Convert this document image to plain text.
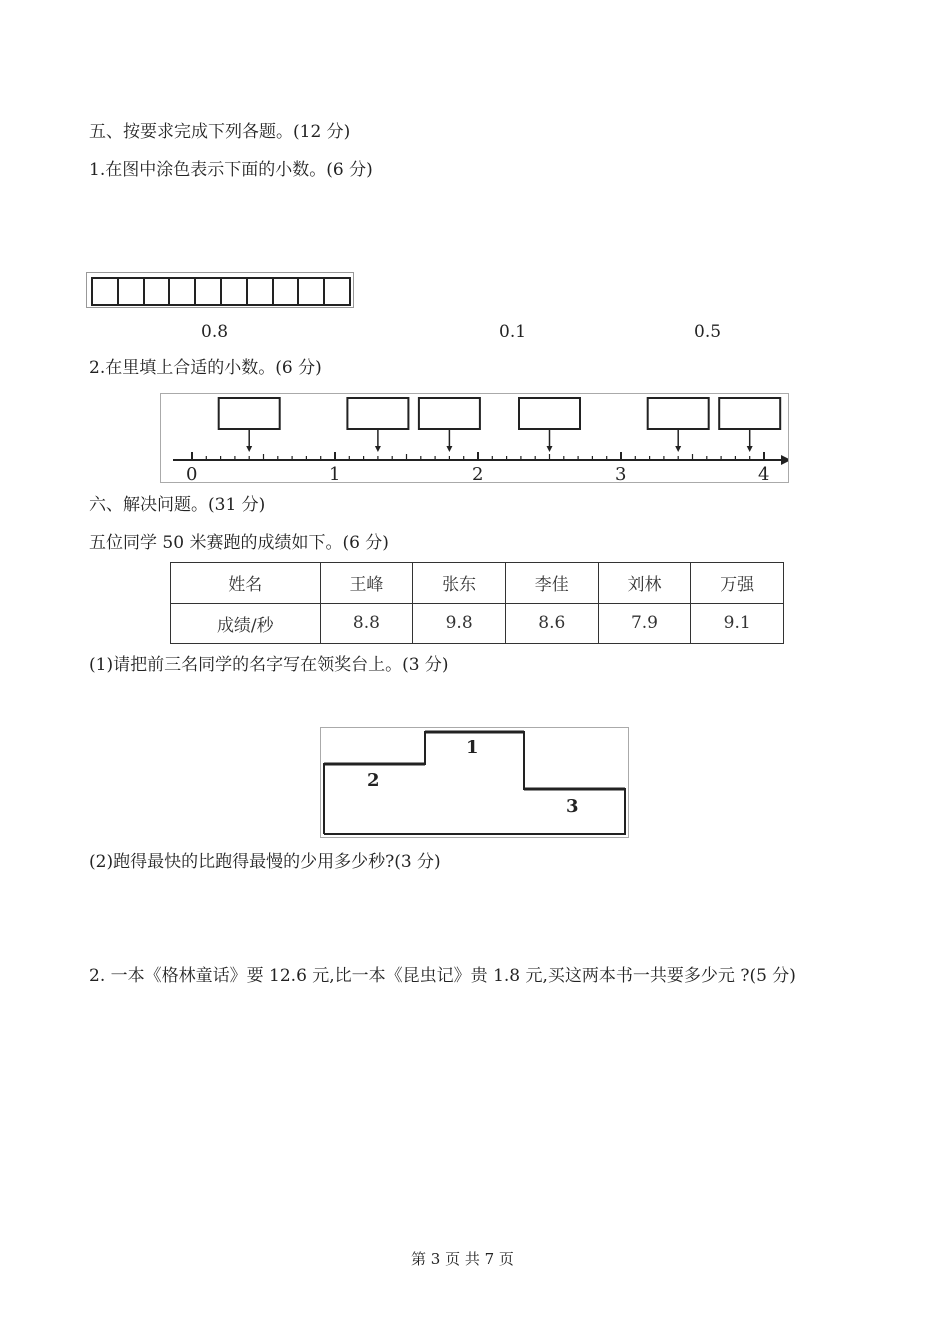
五、按要求完成下列各题。(12 分)
1.在图中涂色表示下面的小数。(6 分)
0.8	0.1	0.5
2.在里填上合适的小数。(6 分)
0	1	2	3	4
六、解决问题。(31 分)
五位同学 50 米赛跑的成绩如下。(6 分)
姓名	王峰	张东	李佳	刘林	万强
成绩/秒	8.8	9.8	8.6	7.9	9.1
(1)请把前三名同学的名字写在领奖台上。(3 分)
1
2
3
(2)跑得最快的比跑得最慢的少用多少秒?(3 分)
2. 一本《格林童话》要 12.6 元,比一本《昆虫记》贵 1.8 元,买这两本书一共要多少元 ?(5 分)
第 3 页 共 7 页
